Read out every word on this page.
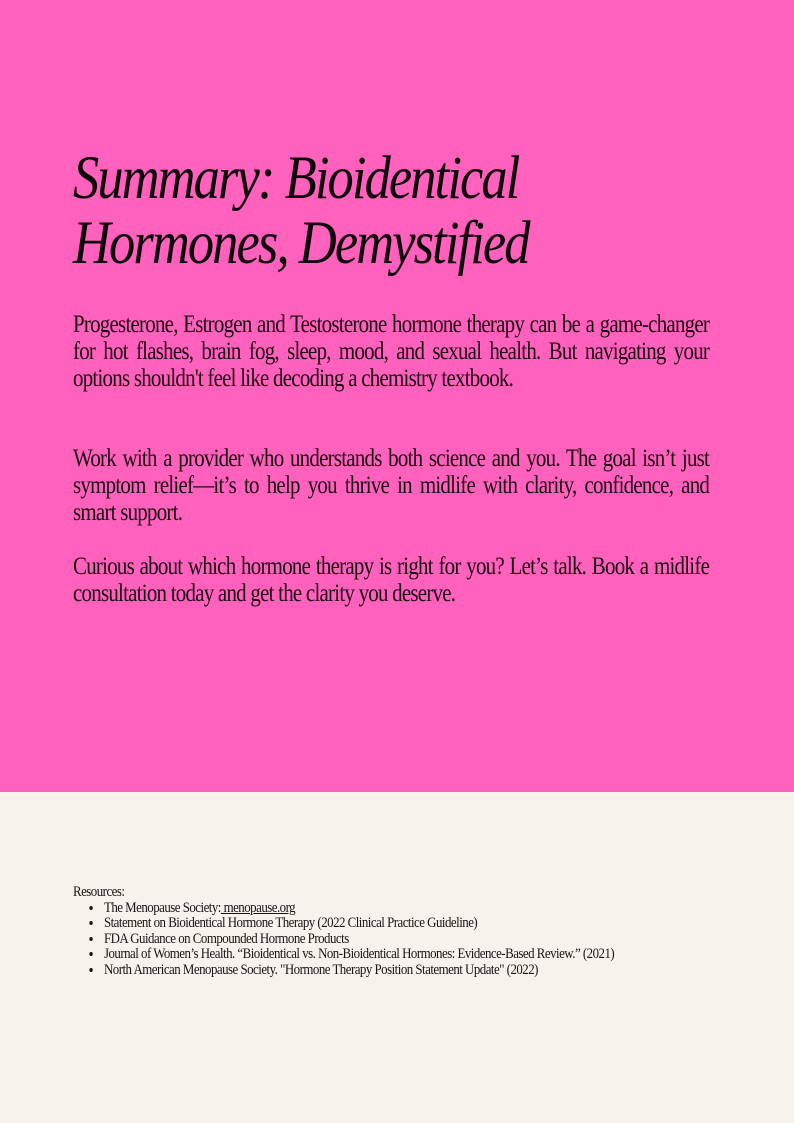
Summary: Bioidentical
Hormones, Demystified

Progesterone, Estrogen and Testosterone hormone therapy can be a game-changer for hot flashes, brain fog, sleep, mood, and sexual health. But navigating your options shouldn't feel like decoding a chemistry textbook.

Work with a provider who understands both science and you. The goal isn’t just symptom relief—it’s to help you thrive in midlife with clarity, confidence, and smart support.

Curious about which hormone therapy is right for you? Let’s talk. Book a midlife consultation today and get the clarity you deserve.

Resources:

• The Menopause Society: menopause.org
• Statement on Bioidentical Hormone Therapy (2022 Clinical Practice Guideline)
• FDA Guidance on Compounded Hormone Products
• Journal of Women’s Health. “Bioidentical vs. Non-Bioidentical Hormones: Evidence-Based Review.” (2021)
• North American Menopause Society. "Hormone Therapy Position Statement Update" (2022)
